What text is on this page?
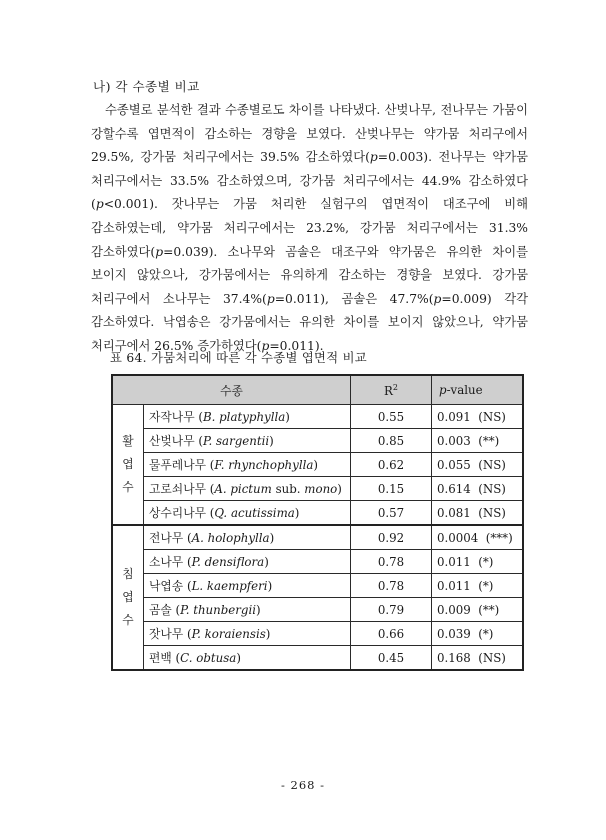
나) 각 수종별 비교
수종별로 분석한 결과 수종별로도 차이를 나타냈다. 산벚나무, 전나무는 가뭄이 강할수록 엽면적이 감소하는 경향을 보였다. 산벚나무는 약가뭄 처리구에서 29.5%, 강가뭄 처리구에서는 39.5% 감소하였다(p=0.003). 전나무는 약가뭄 처리구에서는 33.5% 감소하였으며, 강가뭄 처리구에서는 44.9% 감소하였다(p<0.001). 잣나무는 가뭄 처리한 실험구의 엽면적이 대조구에 비해 감소하였는데, 약가뭄 처리구에서는 23.2%, 강가뭄 처리구에서는 31.3% 감소하였다(p=0.039). 소나무와 곰솔은 대조구와 약가뭄은 유의한 차이를 보이지 않았으나, 강가뭄에서는 유의하게 감소하는 경향을 보였다. 강가뭄 처리구에서 소나무는 37.4%(p=0.011), 곰솔은 47.7%(p=0.009) 각각 감소하였다. 낙엽송은 강가뭄에서는 유의한 차이를 보이지 않았으나, 약가뭄 처리구에서 26.5% 증가하였다(p=0.011).
표 64. 가뭄처리에 따른 각 수종별 엽면적 비교
수종		$R^2$	p-value

활
엽
수	자작나무 (B. platyphylla)	0.55	0.091 (NS)
	산벚나무 (P. sargentii)	0.85	0.003 (**)
	물푸레나무 (F. rhynchophylla)	0.62	0.055 (NS)
	고로쇠나무 (A. pictum sub. mono)	0.15	0.614 (NS)
	상수리나무 (Q. acutissima)	0.57	0.081 (NS)

침
엽
수	전나무 (A. holophylla)	0.92	0.0004 (***)
	소나무 (P. densiflora)	0.78	0.011 (*)
	낙엽송 (L. kaempferi)	0.78	0.011 (*)
	곰솔 (P. thunbergii)	0.79	0.009 (**)
	잣나무 (P. koraiensis)	0.66	0.039 (*)
	편백 (C. obtusa)	0.45	0.168 (NS)
- 268 -
